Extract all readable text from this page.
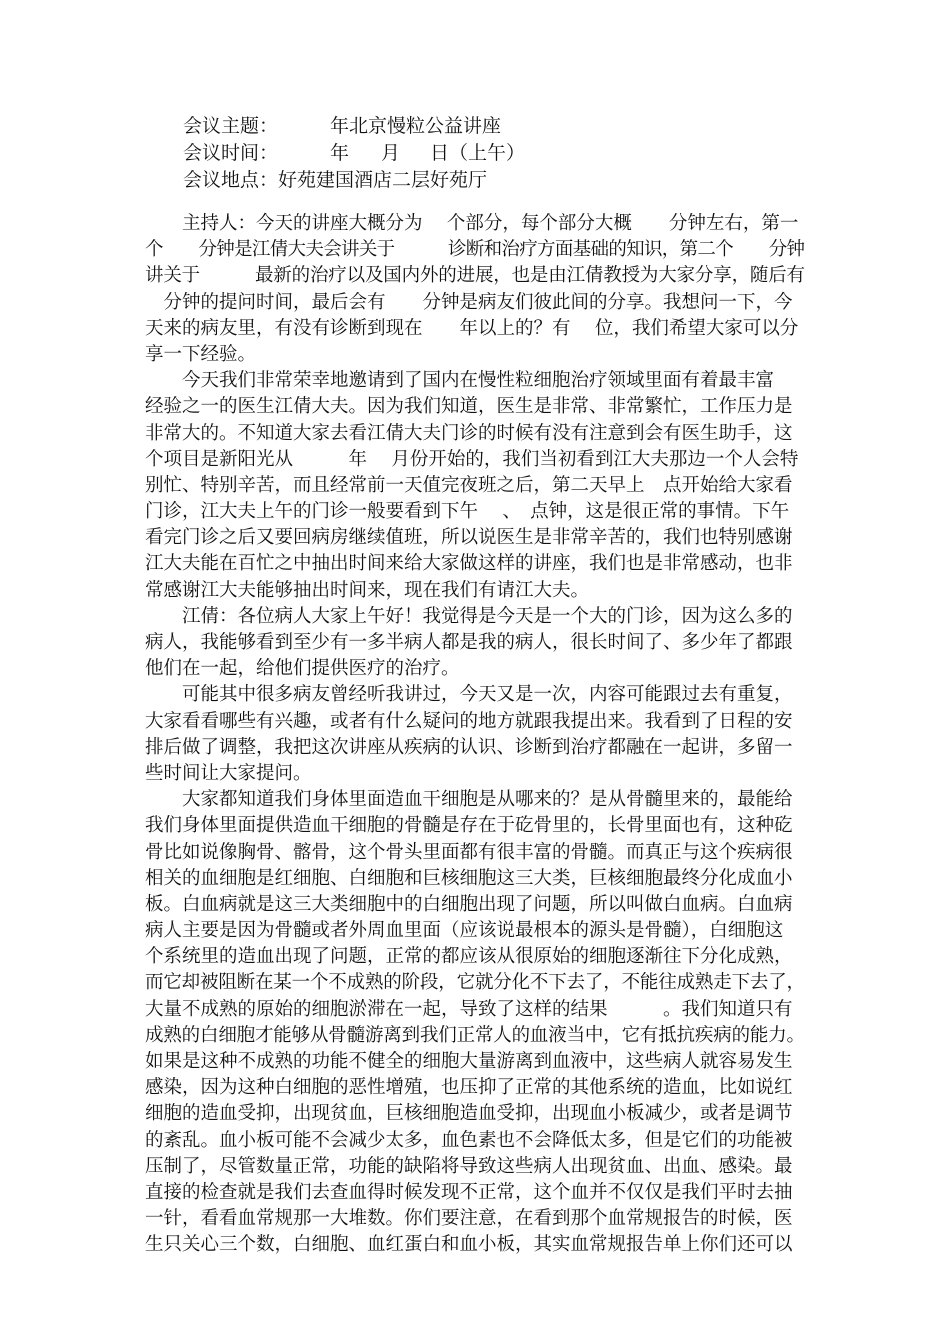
会议主题：	年北京慢粒公益讲座
会议时间：	年 月 日（上午）
会议地点：好苑建国酒店二层好苑厅
　　主持人：今天的讲座大概分为　 个部分，每个部分大概　　分钟左右，第一
个　　分钟是江倩大夫会讲关于　　　诊断和治疗方面基础的知识，第二个　　分钟
讲关于　　　最新的治疗以及国内外的进展，也是由江倩教授为大家分享，随后有
　分钟的提问时间，最后会有　　分钟是病友们彼此间的分享。我想问一下，今
天来的病友里，有没有诊断到现在　　年以上的？有　 位，我们希望大家可以分
享一下经验。
　　今天我们非常荣幸地邀请到了国内在慢性粒细胞治疗领域里面有着最丰富
经验之一的医生江倩大夫。因为我们知道，医生是非常、非常繁忙，工作压力是
非常大的。不知道大家去看江倩大夫门诊的时候有没有注意到会有医生助手，这
个项目是新阳光从　　　年　 月份开始的，我们当初看到江大夫那边一个人会特
别忙、特别辛苦，而且经常前一天值完夜班之后，第二天早上　点开始给大家看
门诊，江大夫上午的门诊一般要看到下午　 、　点钟，这是很正常的事情。下午
看完门诊之后又要回病房继续值班，所以说医生是非常辛苦的，我们也特别感谢
江大夫能在百忙之中抽出时间来给大家做这样的讲座，我们也是非常感动，也非
常感谢江大夫能够抽出时间来，现在我们有请江大夫。
　　江倩：各位病人大家上午好！我觉得是今天是一个大的门诊，因为这么多的
病人，我能够看到至少有一多半病人都是我的病人，很长时间了、多少年了都跟
他们在一起，给他们提供医疗的治疗。
　　可能其中很多病友曾经听我讲过，今天又是一次，内容可能跟过去有重复，
大家看看哪些有兴趣，或者有什么疑问的地方就跟我提出来。我看到了日程的安
排后做了调整，我把这次讲座从疾病的认识、诊断到治疗都融在一起讲，多留一
些时间让大家提问。
　　大家都知道我们身体里面造血干细胞是从哪来的？是从骨髓里来的，最能给
我们身体里面提供造血干细胞的骨髓是存在于矻骨里的，长骨里面也有，这种矻
骨比如说像胸骨、髂骨，这个骨头里面都有很丰富的骨髓。而真正与这个疾病很
相关的血细胞是红细胞、白细胞和巨核细胞这三大类，巨核细胞最终分化成血小
板。白血病就是这三大类细胞中的白细胞出现了问题，所以叫做白血病。白血病
病人主要是因为骨髓或者外周血里面（应该说最根本的源头是骨髓），白细胞这
个系统里的造血出现了问题，正常的都应该从很原始的细胞逐渐往下分化成熟，
而它却被阻断在某一个不成熟的阶段，它就分化不下去了，不能往成熟走下去了，
大量不成熟的原始的细胞淤滞在一起，导致了这样的结果　　　。我们知道只有
成熟的白细胞才能够从骨髓游离到我们正常人的血液当中，它有抵抗疾病的能力。
如果是这种不成熟的功能不健全的细胞大量游离到血液中，这些病人就容易发生
感染，因为这种白细胞的恶性增殖，也压抑了正常的其他系统的造血，比如说红
细胞的造血受抑，出现贫血，巨核细胞造血受抑，出现血小板减少，或者是调节
的紊乱。血小板可能不会减少太多，血色素也不会降低太多，但是它们的功能被
压制了，尽管数量正常，功能的缺陷将导致这些病人出现贫血、出血、感染。最
直接的检查就是我们去查血得时候发现不正常，这个血并不仅仅是我们平时去抽
一针，看看血常规那一大堆数。你们要注意，在看到那个血常规报告的时候，医
生只关心三个数，白细胞、血红蛋白和血小板，其实血常规报告单上你们还可以
